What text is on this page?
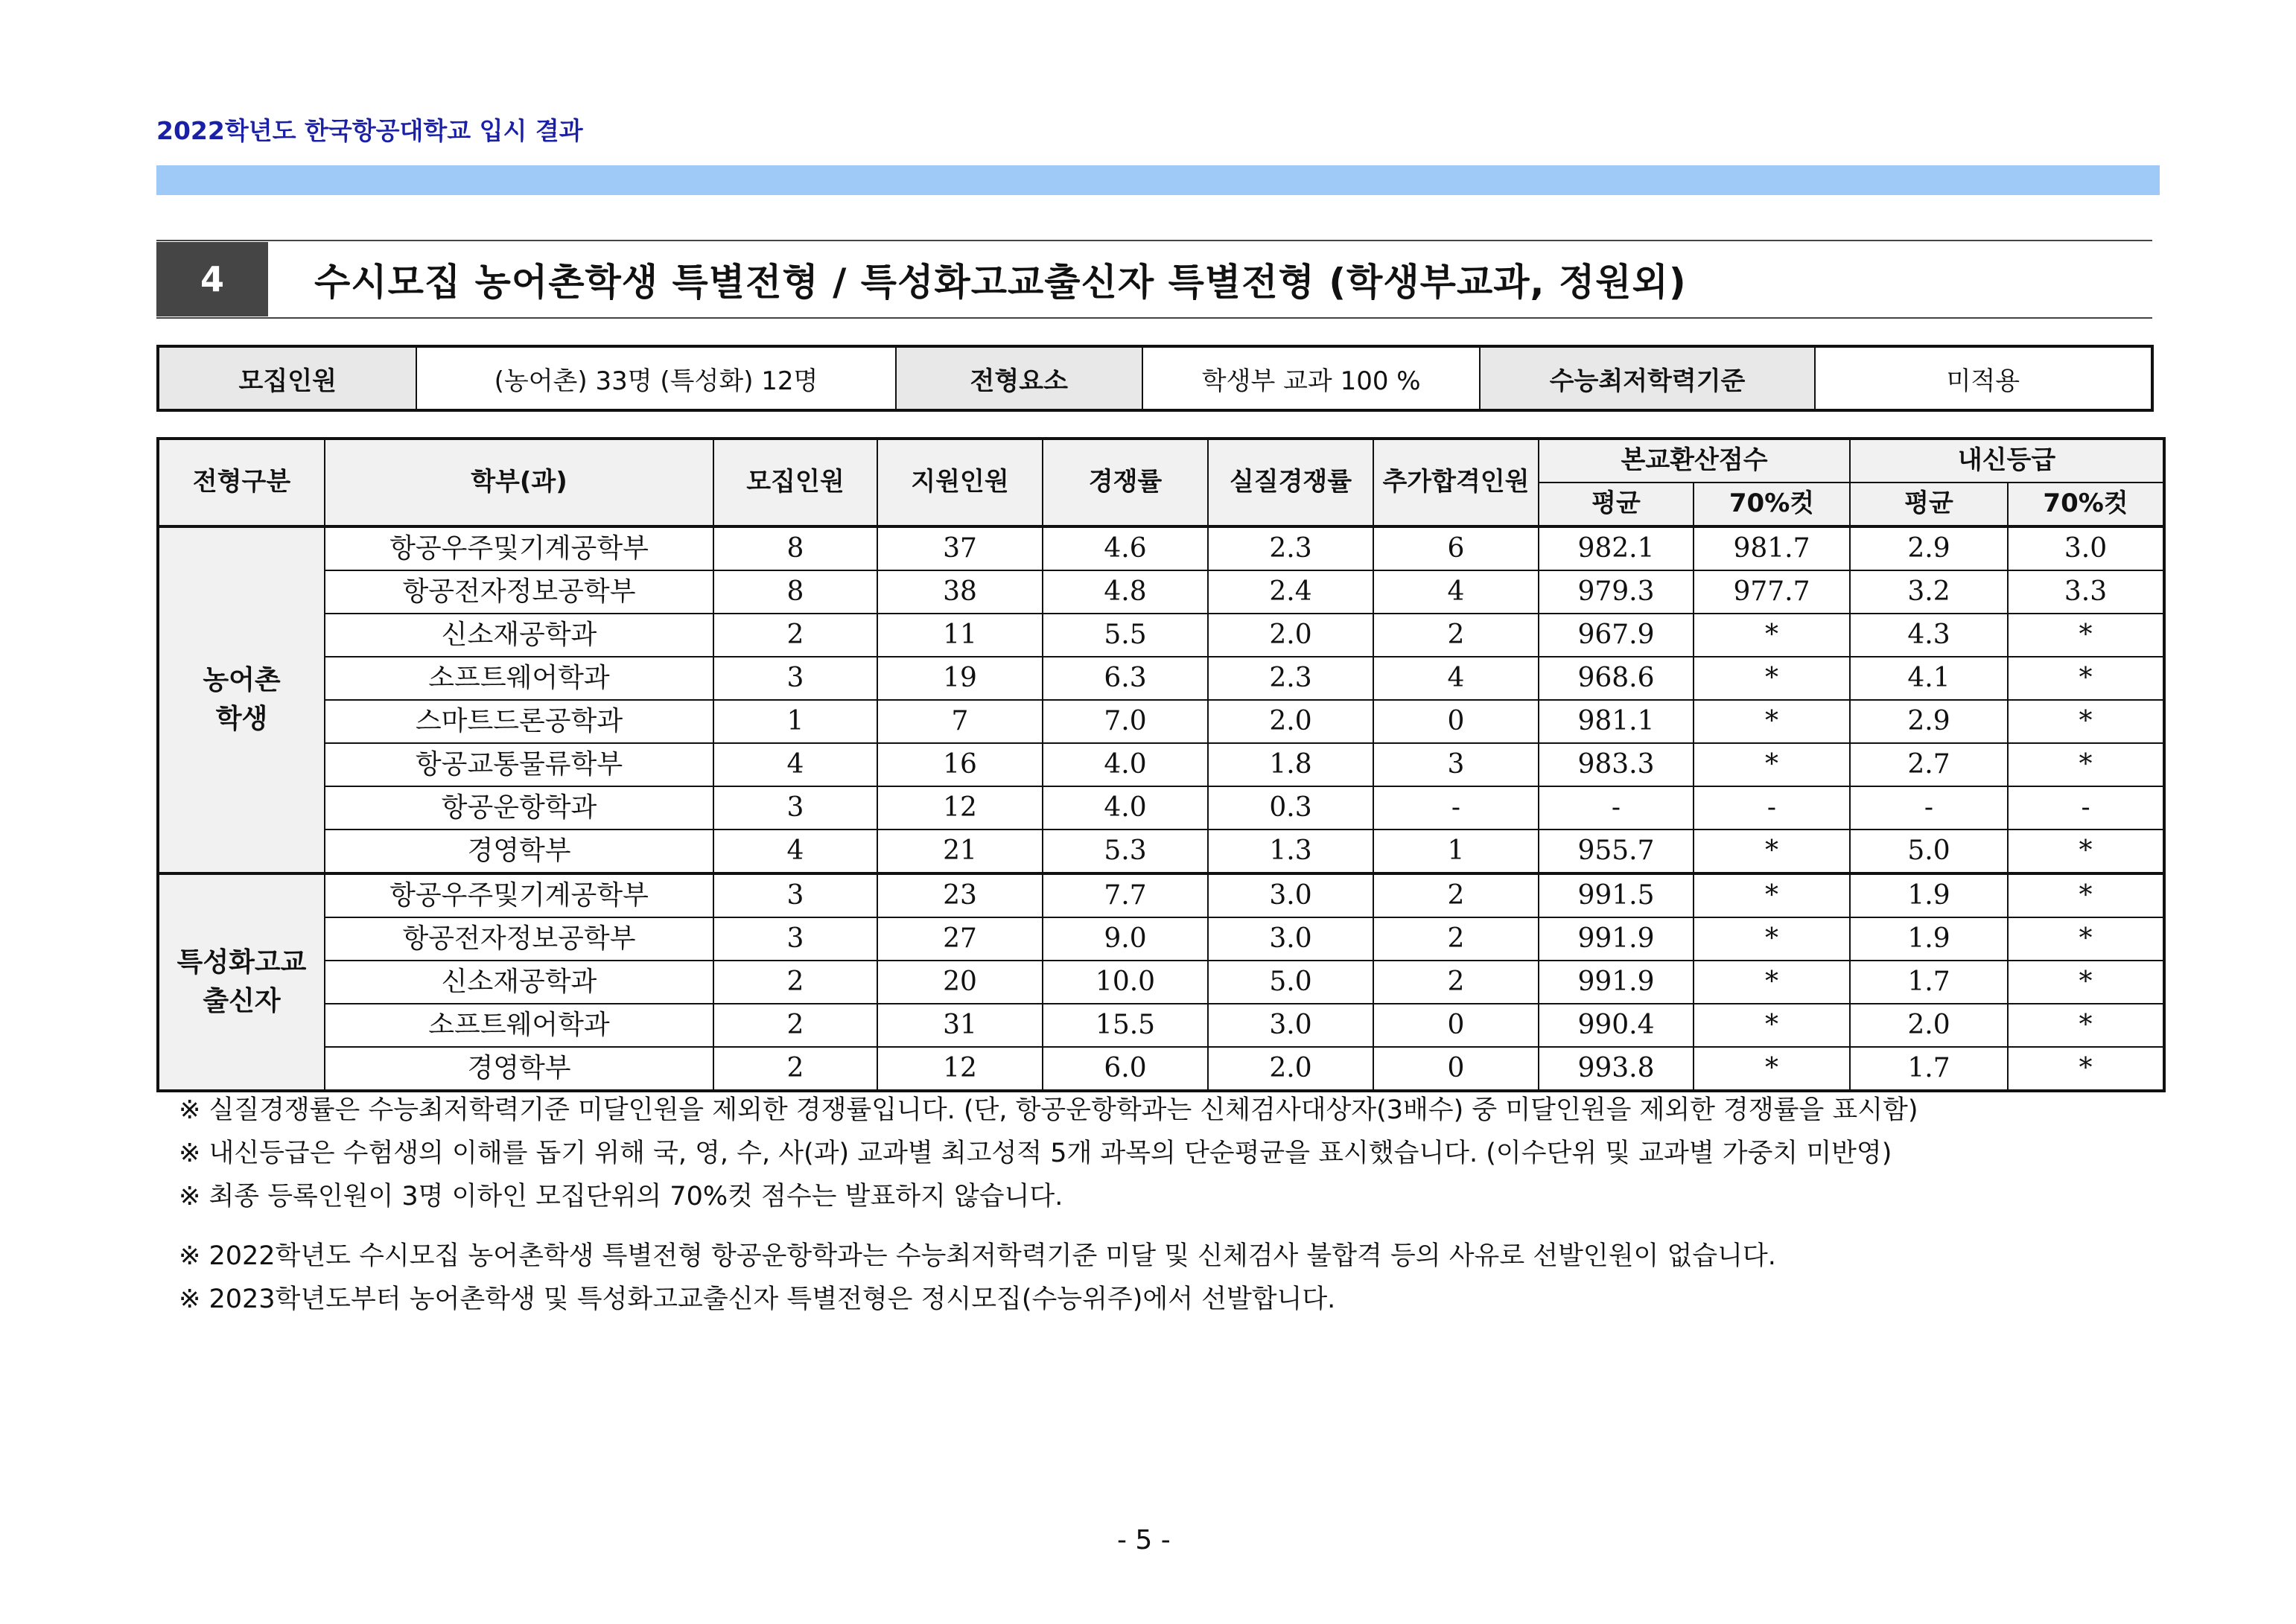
2022학년도 한국항공대학교 입시 결과
4	수시모집 농어촌학생 특별전형 / 특성화고교출신자 특별전형 (학생부교과, 정원외)
모집인원	(농어촌) 33명 (특성화) 12명	전형요소	학생부 교과 100 %	수능최저학력기준	미적용
전형구분	학부(과)	모집인원	지원인원	경쟁률	실질경쟁률	추가합격인원	본교환산점수		내신등급	
							평균	70%컷	평균	70%컷
농어촌
학생	항공우주및기계공학부	8	37	4.6	2.3	6	982.1	981.7	2.9	3.0
	항공전자정보공학부	8	38	4.8	2.4	4	979.3	977.7	3.2	3.3
	신소재공학과	2	11	5.5	2.0	2	967.9	*	4.3	*
	소프트웨어학과	3	19	6.3	2.3	4	968.6	*	4.1	*
	스마트드론공학과	1	7	7.0	2.0	0	981.1	*	2.9	*
	항공교통물류학부	4	16	4.0	1.8	3	983.3	*	2.7	*
	항공운항학과	3	12	4.0	0.3	-	-	-	-	-
	경영학부	4	21	5.3	1.3	1	955.7	*	5.0	*
특성화고교
출신자	항공우주및기계공학부	3	23	7.7	3.0	2	991.5	*	1.9	*
	항공전자정보공학부	3	27	9.0	3.0	2	991.9	*	1.9	*
	신소재공학과	2	20	10.0	5.0	2	991.9	*	1.7	*
	소프트웨어학과	2	31	15.5	3.0	0	990.4	*	2.0	*
	경영학부	2	12	6.0	2.0	0	993.8	*	1.7	*
※ 실질경쟁률은 수능최저학력기준 미달인원을 제외한 경쟁률입니다. (단, 항공운항학과는 신체검사대상자(3배수) 중 미달인원을 제외한 경쟁률을 표시함)
※ 내신등급은 수험생의 이해를 돕기 위해 국, 영, 수, 사(과) 교과별 최고성적 5개 과목의 단순평균을 표시했습니다. (이수단위 및 교과별 가중치 미반영)
※ 최종 등록인원이 3명 이하인 모집단위의 70%컷 점수는 발표하지 않습니다.
※ 2022학년도 수시모집 농어촌학생 특별전형 항공운항학과는 수능최저학력기준 미달 및 신체검사 불합격 등의 사유로 선발인원이 없습니다.
※ 2023학년도부터 농어촌학생 및 특성화고교출신자 특별전형은 정시모집(수능위주)에서 선발합니다.
- 5 -
